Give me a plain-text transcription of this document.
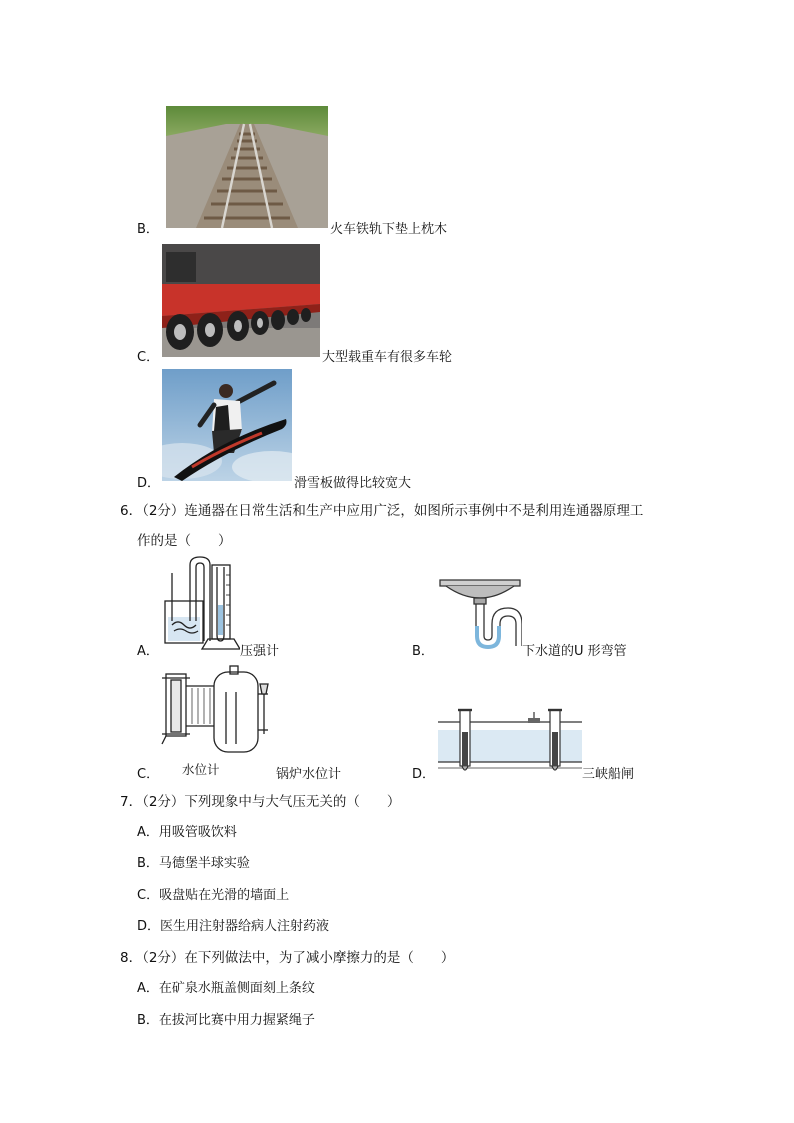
B．	火车铁轨下垫上枕木
C．	大型载重车有很多车轮
D．	滑雪板做得比较宽大
6．（2分）连通器在日常生活和生产中应用广泛，如图所示事例中不是利用连通器原理工
作的是（　　）
A．	压强计	B．	下水道的U 形弯管
C． 水位计	锅炉水位计	D．	三峡船闸
7．（2分）下列现象中与大气压无关的（　　）
A．用吸管吸饮料
B．马德堡半球实验
C．吸盘贴在光滑的墙面上
D．医生用注射器给病人注射药液
8．（2分）在下列做法中，为了减小摩擦力的是（　　）
A．在矿泉水瓶盖侧面刻上条纹
B．在拔河比赛中用力握紧绳子
